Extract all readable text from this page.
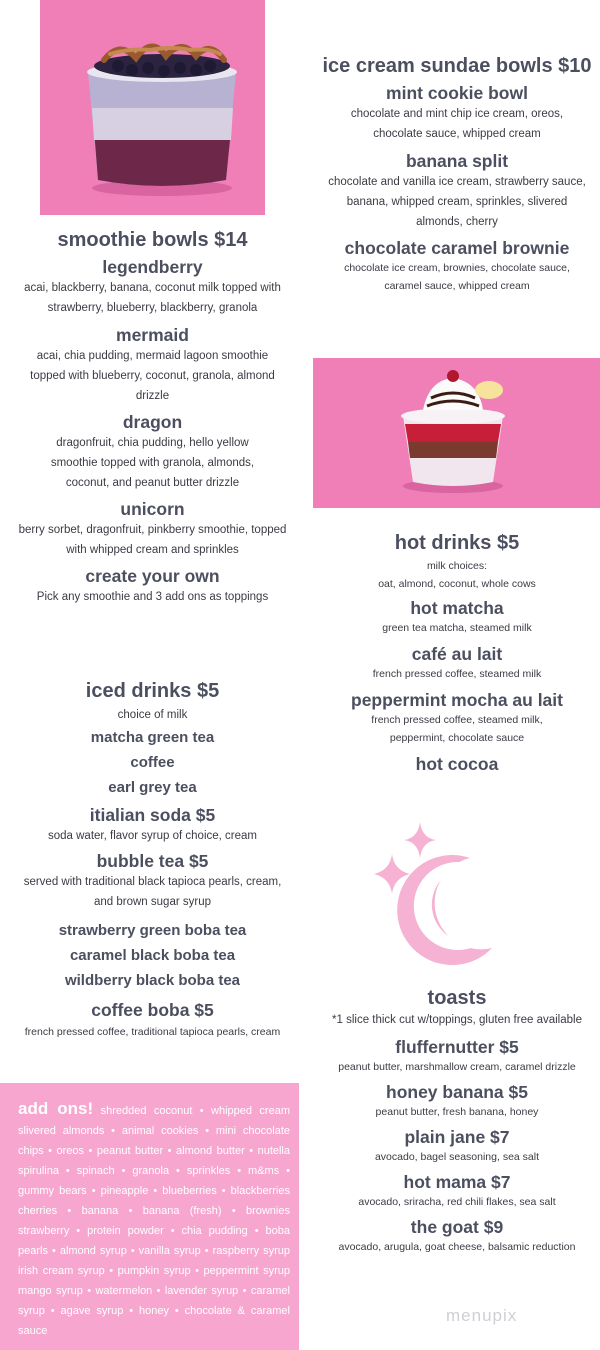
smoothie bowls $14
legendberry
acai, blackberry, banana, coconut milk topped with strawberry, blueberry, blackberry, granola
mermaid
acai, chia pudding, mermaid lagoon smoothie topped with blueberry, coconut, granola, almond drizzle
dragon
dragonfruit, chia pudding, hello yellow smoothie topped with granola, almonds, coconut, and peanut butter drizzle
unicorn
berry sorbet, dragonfruit, pinkberry smoothie, topped with whipped cream and sprinkles
create your own
Pick any smoothie and 3 add ons as toppings
iced drinks $5
choice of milk
matcha green tea
coffee
earl grey tea
itialian soda $5
soda water, flavor syrup of choice, cream
bubble tea $5
served with traditional black tapioca pearls, cream, and brown sugar syrup
strawberry green boba tea
caramel black boba tea
wildberry black boba tea
coffee boba $5
french pressed coffee, traditional tapioca pearls, cream
add ons! shredded coconut • whipped cream slivered almonds • animal cookies • mini chocolate chips • oreos • peanut butter • almond butter • nutella spirulina • spinach • granola • sprinkles • m&ms • gummy bears • pineapple • blueberries • blackberries cherries • banana • banana (fresh) • brownies strawberry • protein powder • chia pudding • boba pearls • almond syrup • vanilla syrup • raspberry syrup irish cream syrup • pumpkin syrup • peppermint syrup mango syrup • watermelon • lavender syrup • caramel syrup • agave syrup • honey • chocolate & caramel sauce
ice cream sundae bowls $10
mint cookie bowl
chocolate and mint chip ice cream, oreos, chocolate sauce, whipped cream
banana split
chocolate and vanilla ice cream, strawberry sauce, banana, whipped cream, sprinkles, slivered almonds, cherry
chocolate caramel brownie
chocolate ice cream, brownies, chocolate sauce, caramel sauce, whipped cream
hot drinks $5
milk choices:
oat, almond, coconut, whole cows
hot matcha
green tea matcha, steamed milk
café au lait
french pressed coffee, steamed milk
peppermint mocha au lait
french pressed coffee, steamed milk, peppermint, chocolate sauce
hot cocoa
toasts
*1 slice thick cut w/toppings, gluten free available
fluffernutter $5
peanut butter, marshmallow cream, caramel drizzle
honey banana $5
peanut butter, fresh banana, honey
plain jane $7
avocado, bagel seasoning, sea salt
hot mama $7
avocado, sriracha, red chili flakes, sea salt
the goat $9
avocado, arugula, goat cheese, balsamic reduction
menupix
